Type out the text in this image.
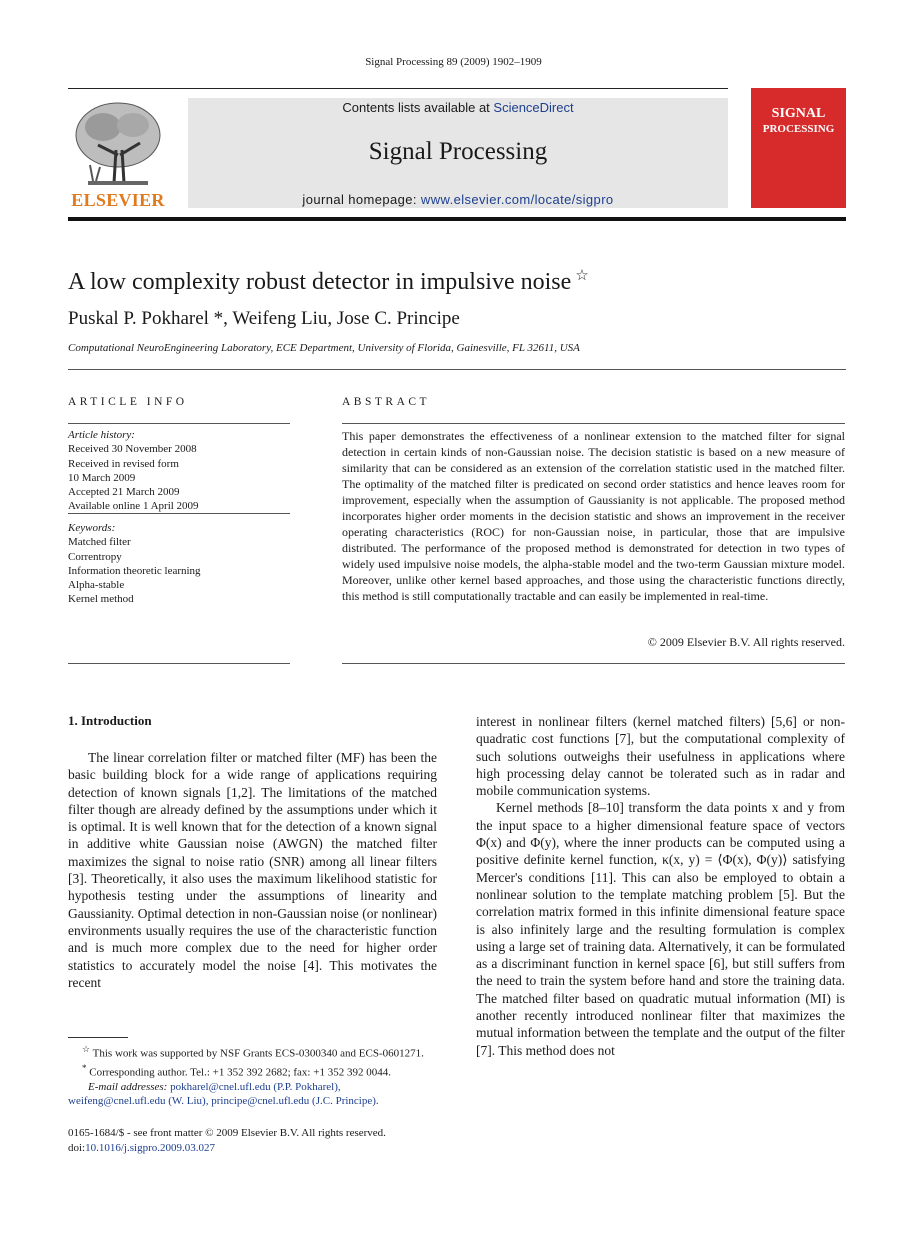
Signal Processing 89 (2009) 1902–1909
ELSEVIER
Contents lists available at ScienceDirect
Signal Processing
journal homepage: www.elsevier.com/locate/sigpro
SIGNAL
PROCESSING
A low complexity robust detector in impulsive noise ☆
Puskal P. Pokharel *, Weifeng Liu, Jose C. Principe
Computational NeuroEngineering Laboratory, ECE Department, University of Florida, Gainesville, FL 32611, USA
ARTICLE INFO
Article history:
Received 30 November 2008
Received in revised form
10 March 2009
Accepted 21 March 2009
Available online 1 April 2009
Keywords:
Matched filter
Correntropy
Information theoretic learning
Alpha-stable
Kernel method
ABSTRACT
This paper demonstrates the effectiveness of a nonlinear extension to the matched filter for signal detection in certain kinds of non-Gaussian noise. The decision statistic is based on a new measure of similarity that can be considered as an extension of the correlation statistic used in the matched filter. The optimality of the matched filter is predicated on second order statistics and hence leaves room for improvement, especially when the assumption of Gaussianity is not applicable. The proposed method incorporates higher order moments in the decision statistic and shows an improvement in the receiver operating characteristics (ROC) for non-Gaussian noise, in particular, those that are impulsive distributed. The performance of the proposed method is demonstrated for detection in two types of widely used impulsive noise models, the alpha-stable model and the two-term Gaussian mixture model. Moreover, unlike other kernel based approaches, and those using the characteristic functions directly, this method is still computationally tractable and can easily be implemented in real-time.
© 2009 Elsevier B.V. All rights reserved.
1. Introduction

The linear correlation filter or matched filter (MF) has been the basic building block for a wide range of applications requiring detection of known signals [1,2]. The limitations of the matched filter though are already defined by the assumptions under which it is optimal. It is well known that for the detection of a known signal in additive white Gaussian noise (AWGN) the matched filter maximizes the signal to noise ratio (SNR) among all linear filters [3]. Theoretically, it also uses the maximum likelihood statistic for hypothesis testing under the assumptions of linearity and Gaussianity. Optimal detection in non-Gaussian noise (or nonlinear) environments usually requires the use of the characteristic function and is much more complex due to the need for higher order statistics to accurately model the noise [4]. This motivates the recent

interest in nonlinear filters (kernel matched filters) [5,6] or non-quadratic cost functions [7], but the computational complexity of such solutions outweighs their usefulness in applications where high processing delay cannot be tolerated such as in radar and mobile communication systems.

Kernel methods [8–10] transform the data points x and y from the input space to a higher dimensional feature space of vectors Φ(x) and Φ(y), where the inner products can be computed using a positive definite kernel function, κ(x, y) = ⟨Φ(x), Φ(y)⟩ satisfying Mercer's conditions [11]. This can also be employed to obtain a nonlinear solution to the template matching problem [5]. But the correlation matrix formed in this infinite dimensional feature space is also infinitely large and the resulting formulation is complex using a large set of training data. Alternatively, it can be formulated as a discriminant function in kernel space [6], but still suffers from the need to train the system before hand and store the training data. The matched filter based on quadratic mutual information (MI) is another recently introduced nonlinear filter that maximizes the mutual information between the template and the output of the filter [7]. This method does not

☆ This work was supported by NSF Grants ECS-0300340 and ECS-0601271.
* Corresponding author. Tel.: +1 352 392 2682; fax: +1 352 392 0044.
E-mail addresses: pokharel@cnel.ufl.edu (P.P. Pokharel),
weifeng@cnel.ufl.edu (W. Liu), principe@cnel.ufl.edu (J.C. Principe).
0165-1684/$ - see front matter © 2009 Elsevier B.V. All rights reserved.
doi:10.1016/j.sigpro.2009.03.027
